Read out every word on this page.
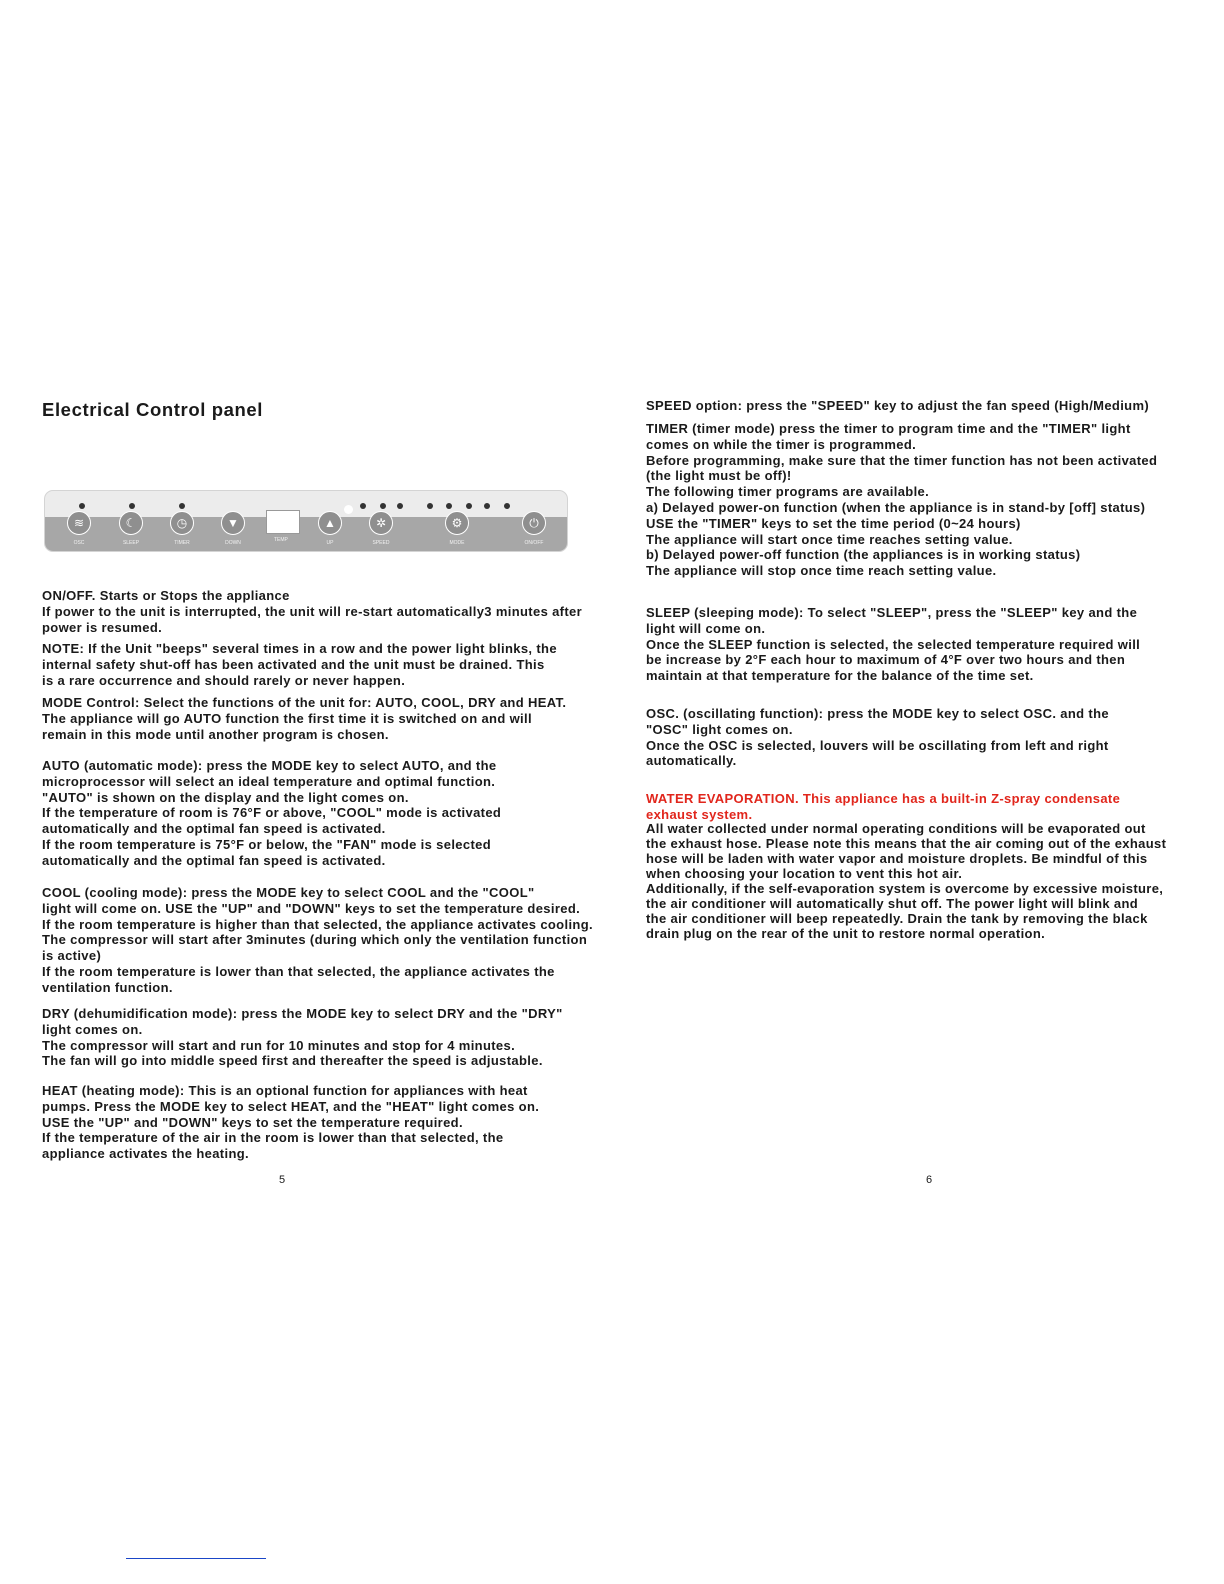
Electrical Control panel
≋	☾	◷	▼	▲	✲	⚙	⏻
OSC	SLEEP	TIMER	DOWN	TEMP	UP	SPEED	MODE	ON/OFF

ON/OFF. Starts or Stops the appliance
If power to the unit is interrupted, the unit will re-start automatically3 minutes after
power is resumed.

NOTE: If the Unit "beeps" several times in a row and the power light blinks, the
internal safety shut-off has been activated and the unit must be drained. This
is a rare occurrence and should rarely or never happen.

MODE Control: Select the functions of the unit for: AUTO, COOL, DRY and HEAT.
The appliance will go AUTO function the first time it is switched on and will
remain in this mode until another program is chosen.

AUTO (automatic mode): press the MODE key to select AUTO, and the
microprocessor will select an ideal temperature and optimal function.
"AUTO" is shown on the display and the light comes on.
If the temperature of room is 76°F or above, "COOL" mode is activated
automatically and the optimal fan speed is activated.
If the room temperature is 75°F or below, the "FAN" mode is selected
automatically and the optimal fan speed is activated.

COOL (cooling mode): press the MODE key to select COOL and the "COOL"
light will come on. USE the "UP" and "DOWN" keys to set the temperature desired.
If the room temperature is higher than that selected, the appliance activates cooling.
The compressor will start after 3minutes (during which only the ventilation function
is active)
If the room temperature is lower than that selected, the appliance activates the
ventilation function.

DRY (dehumidification mode): press the MODE key to select DRY and the "DRY"
light comes on.
The compressor will start and run for 10 minutes and stop for 4 minutes.
The fan will go into middle speed first and thereafter the speed is adjustable.

HEAT (heating mode): This is an optional function for appliances with heat
pumps. Press the MODE key to select HEAT, and the "HEAT" light comes on.
USE the "UP" and "DOWN" keys to set the temperature required.
If the temperature of the air in the room is lower than that selected, the
appliance activates the heating.

5

SPEED option: press the "SPEED" key to adjust the fan speed (High/Medium)

TIMER (timer mode) press the timer to program time and the "TIMER" light
comes on while the timer is programmed.
Before programming, make sure that the timer function has not been activated
(the light must be off)!
The following timer programs are available.
a) Delayed power-on function (when the appliance is in stand-by [off] status)
USE the "TIMER" keys to set the time period (0~24 hours)
The appliance will start once time reaches setting value.
b) Delayed power-off function (the appliances is in working status)
The appliance will stop once time reach setting value.

SLEEP (sleeping mode): To select "SLEEP", press the "SLEEP" key and the
light will come on.
Once the SLEEP function is selected, the selected temperature required will
be increase by 2°F each hour to maximum of 4°F over two hours and then
maintain at that temperature for the balance of the time set.

OSC. (oscillating function): press the MODE key to select OSC. and the
"OSC" light comes on.
Once the OSC is selected, louvers will be oscillating from left and right
automatically.

WATER EVAPORATION. This appliance has a built-in Z-spray condensate
exhaust system.

All water collected under normal operating conditions will be evaporated out
the exhaust hose. Please note this means that the air coming out of the exhaust
hose will be laden with water vapor and moisture droplets. Be mindful of this
when choosing your location to vent this hot air.
Additionally, if the self-evaporation system is overcome by excessive moisture,
the air conditioner will automatically shut off. The power light will blink and
the air conditioner will beep repeatedly. Drain the tank by removing the black
drain plug on the rear of the unit to restore normal operation.

6
